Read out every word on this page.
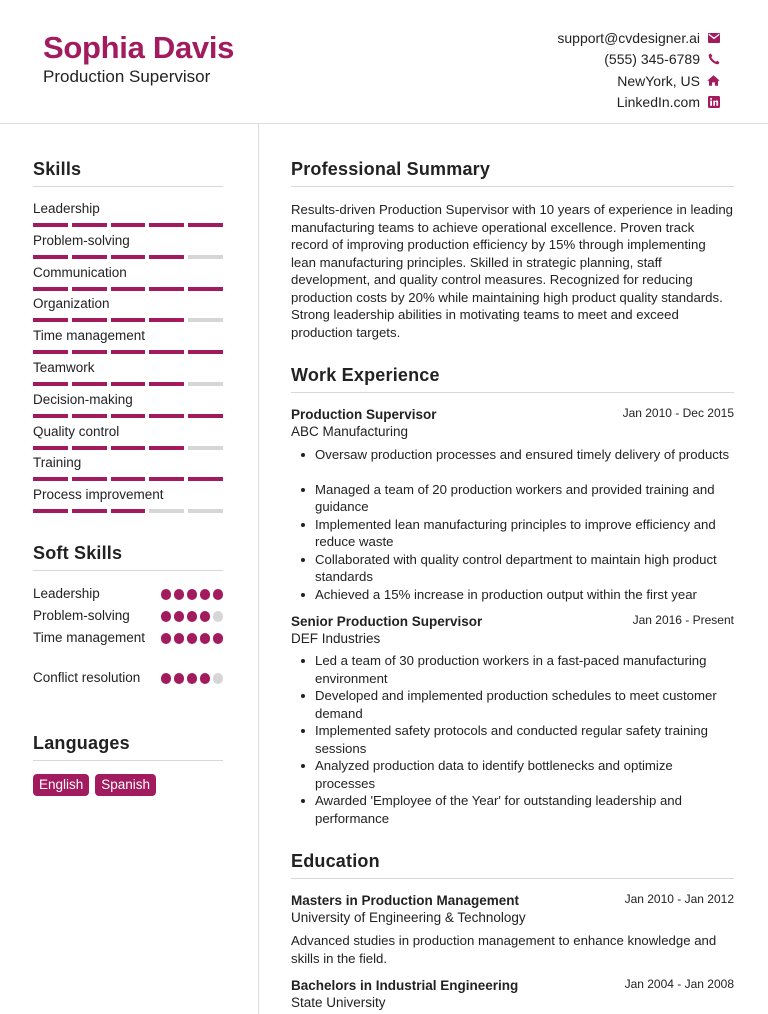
Sophia Davis
Production Supervisor
support@cvdesigner.ai
(555) 345-6789
NewYork, US
LinkedIn.com
Skills
Leadership
Problem-solving
Communication
Organization
Time management
Teamwork
Decision-making
Quality control
Training
Process improvement
Soft Skills
Leadership
Problem-solving
Time management
Conflict resolution
Languages
English	Spanish
Professional Summary
Results-driven Production Supervisor with 10 years of experience in leading manufacturing teams to achieve operational excellence. Proven track record of improving production efficiency by 15% through implementing lean manufacturing principles. Skilled in strategic planning, staff development, and quality control measures. Recognized for reducing production costs by 20% while maintaining high product quality standards. Strong leadership abilities in motivating teams to meet and exceed production targets.
Work Experience
Production Supervisor	Jan 2010 - Dec 2015
ABC Manufacturing
Oversaw production processes and ensured timely delivery of products
Managed a team of 20 production workers and provided training and guidance
Implemented lean manufacturing principles to improve efficiency and reduce waste
Collaborated with quality control department to maintain high product standards
Achieved a 15% increase in production output within the first year
Senior Production Supervisor	Jan 2016 - Present
DEF Industries
Led a team of 30 production workers in a fast-paced manufacturing environment
Developed and implemented production schedules to meet customer demand
Implemented safety protocols and conducted regular safety training sessions
Analyzed production data to identify bottlenecks and optimize processes
Awarded 'Employee of the Year' for outstanding leadership and performance
Education
Masters in Production Management	Jan 2010 - Jan 2012
University of Engineering & Technology
Advanced studies in production management to enhance knowledge and skills in the field.
Bachelors in Industrial Engineering	Jan 2004 - Jan 2008
State University
